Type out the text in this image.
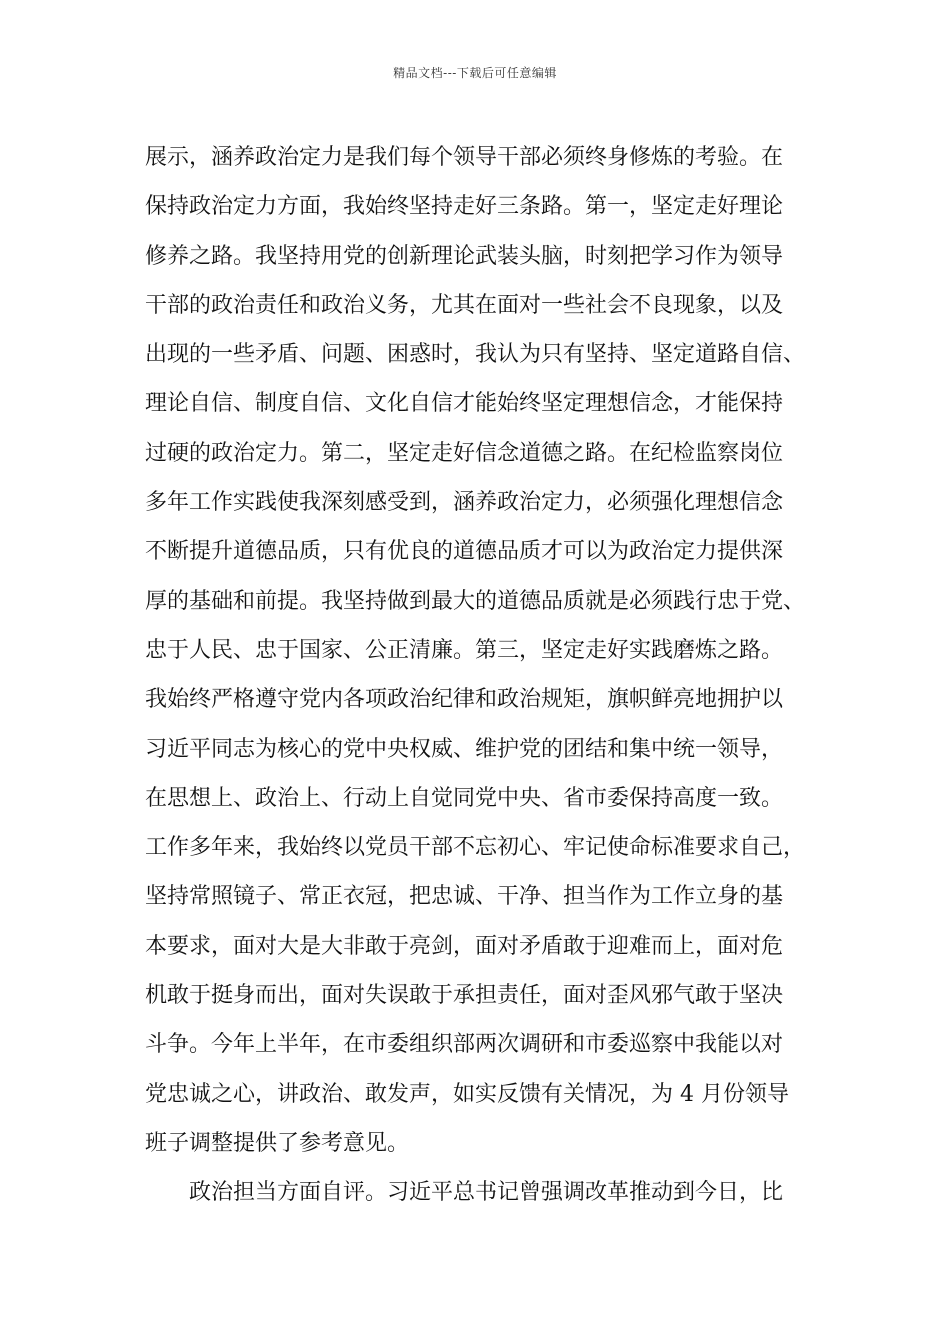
精品文档---下载后可任意编辑
展示，涵养政治定力是我们每个领导干部必须终身修炼的考验。在
保持政治定力方面，我始终坚持走好三条路。第一，坚定走好理论
修养之路。我坚持用党的创新理论武装头脑，时刻把学习作为领导
干部的政治责任和政治义务，尤其在面对一些社会不良现象，以及
出现的一些矛盾、问题、困惑时，我认为只有坚持、坚定道路自信、
理论自信、制度自信、文化自信才能始终坚定理想信念，才能保持
过硬的政治定力。第二，坚定走好信念道德之路。在纪检监察岗位
多年工作实践使我深刻感受到，涵养政治定力，必须强化理想信念
不断提升道德品质，只有优良的道德品质才可以为政治定力提供深
厚的基础和前提。我坚持做到最大的道德品质就是必须践行忠于党、
忠于人民、忠于国家、公正清廉。第三，坚定走好实践磨炼之路。
我始终严格遵守党内各项政治纪律和政治规矩，旗帜鲜亮地拥护以
习近平同志为核心的党中央权威、维护党的团结和集中统一领导，
在思想上、政治上、行动上自觉同党中央、省市委保持高度一致。
工作多年来，我始终以党员干部不忘初心、牢记使命标准要求自己，
坚持常照镜子、常正衣冠，把忠诚、干净、担当作为工作立身的基
本要求，面对大是大非敢于亮剑，面对矛盾敢于迎难而上，面对危
机敢于挺身而出，面对失误敢于承担责任，面对歪风邪气敢于坚决
斗争。今年上半年，在市委组织部两次调研和市委巡察中我能以对
党忠诚之心，讲政治、敢发声，如实反馈有关情况，为 4 月份领导
班子调整提供了参考意见。
政治担当方面自评。习近平总书记曾强调改革推动到今日，比
